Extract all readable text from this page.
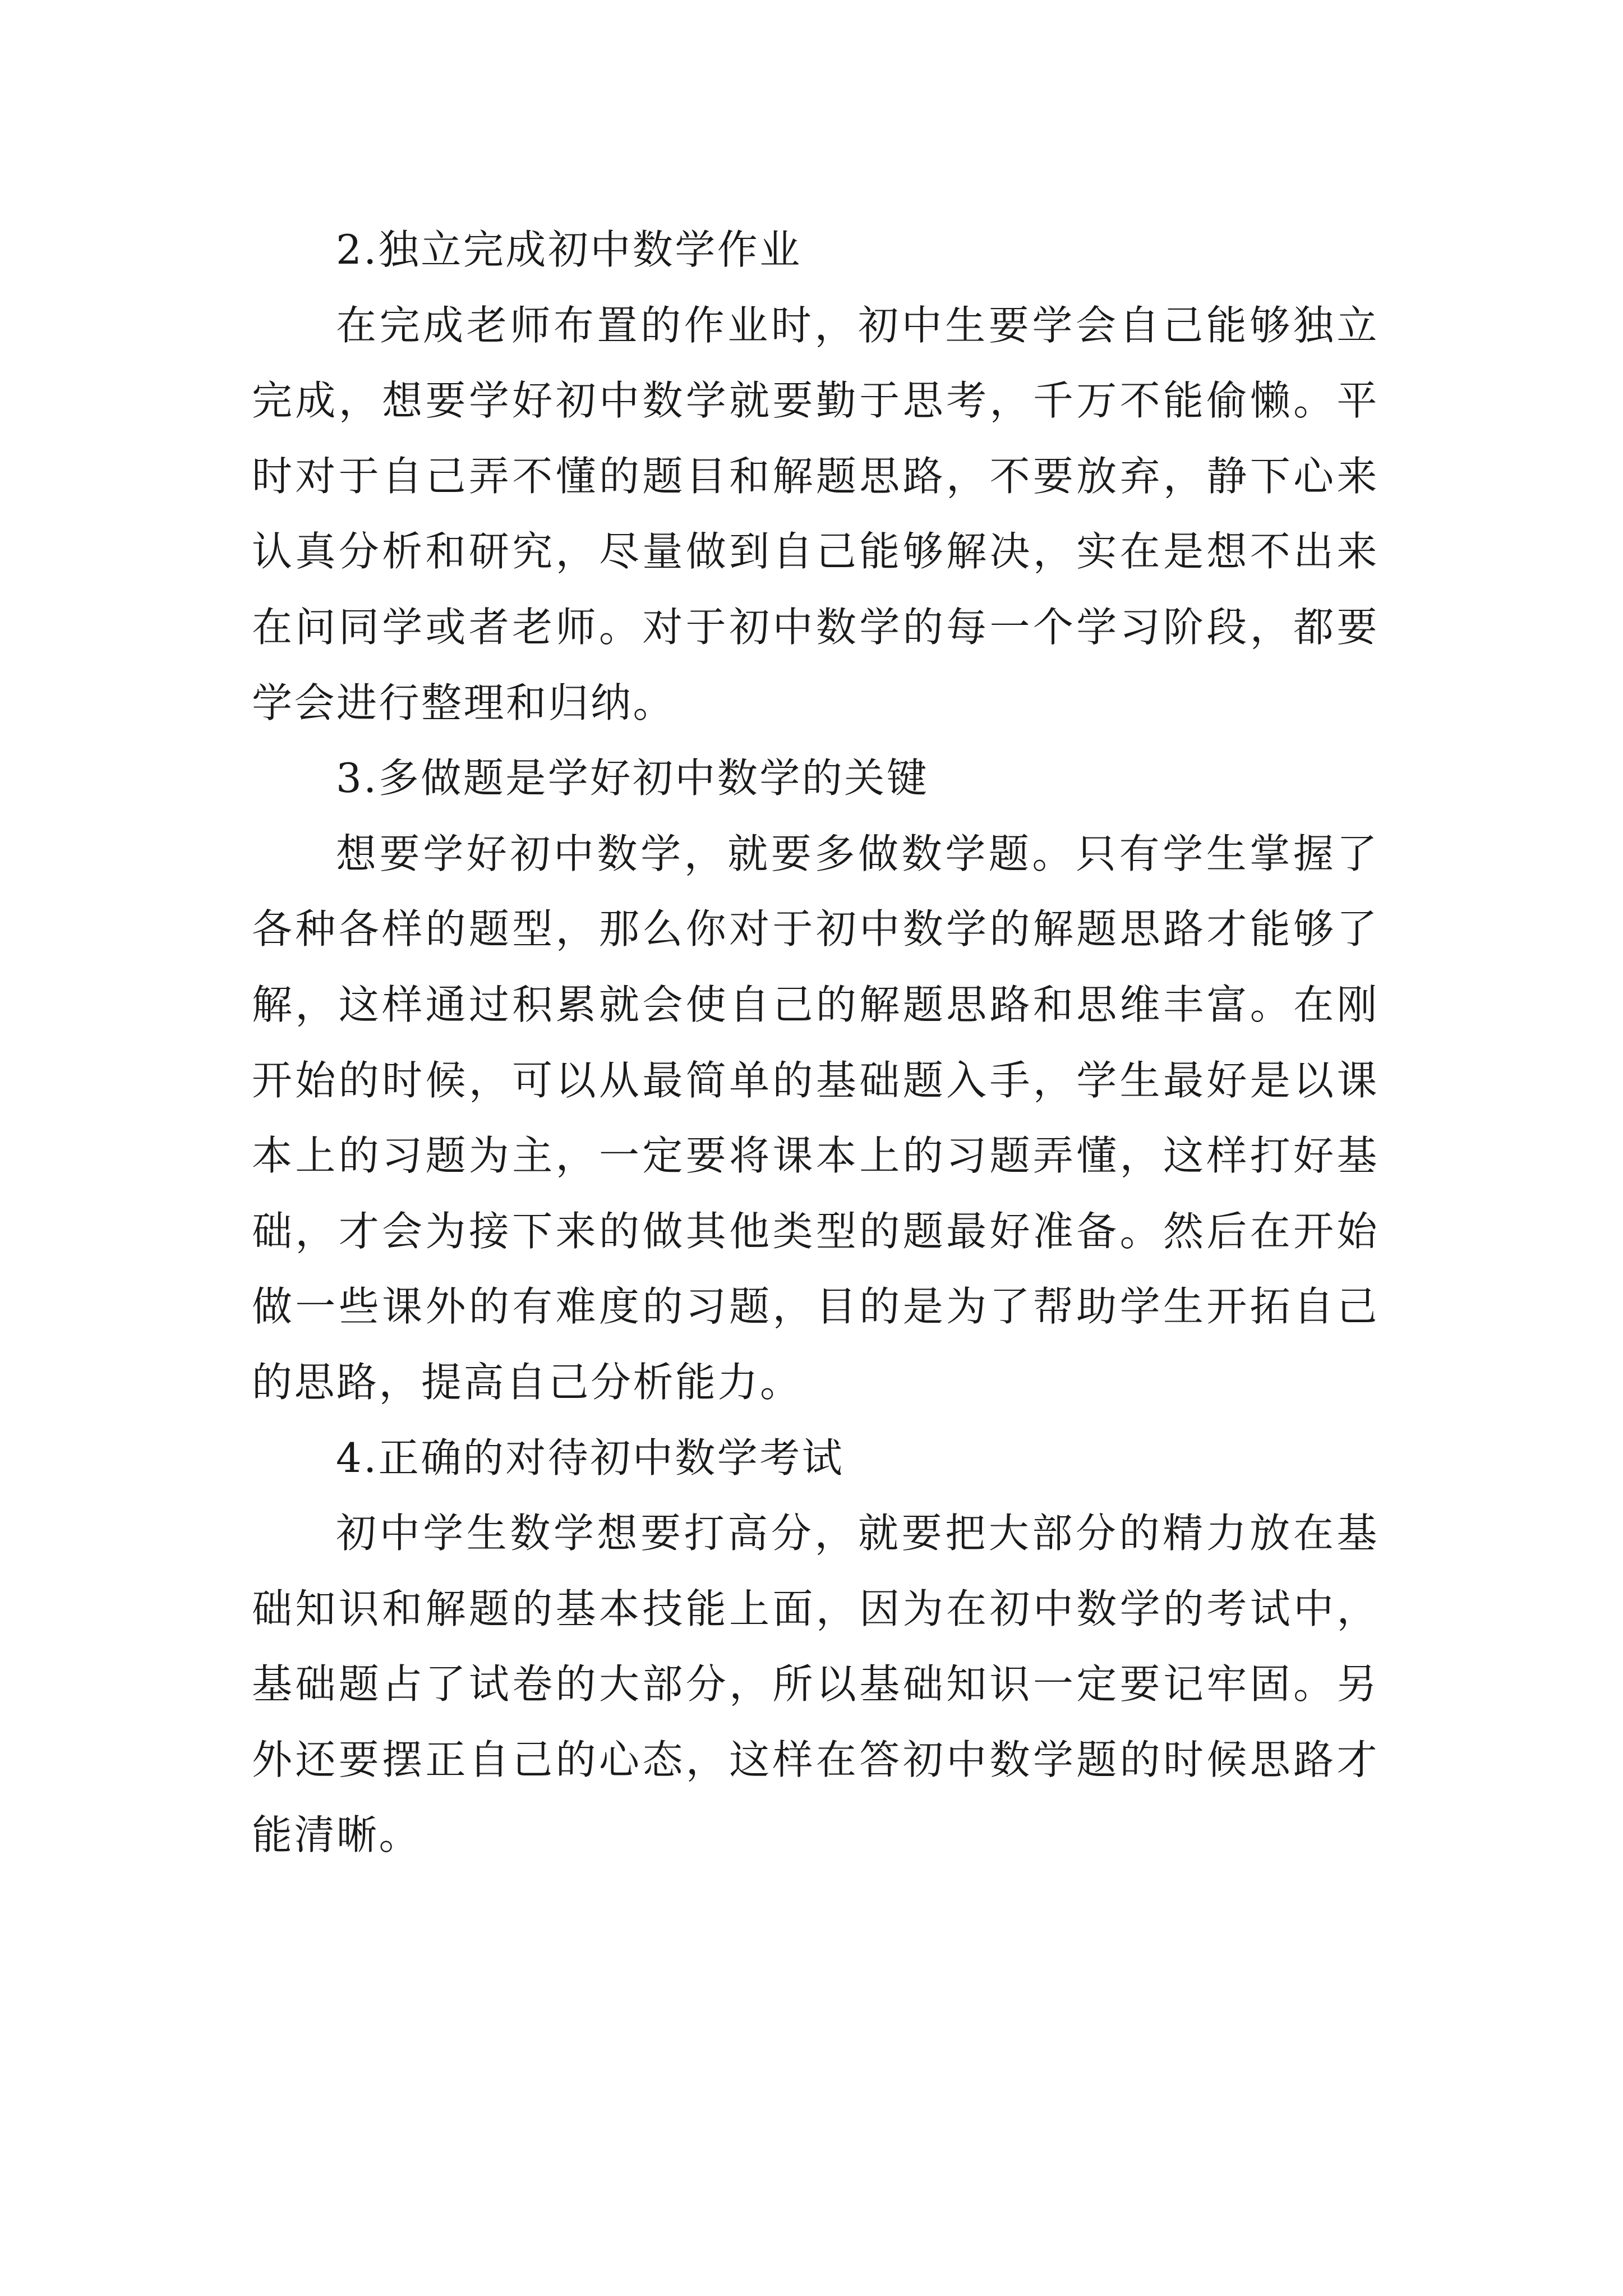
2.独立完成初中数学作业

在完成老师布置的作业时，初中生要学会自己能够独立完成，想要学好初中数学就要勤于思考，千万不能偷懒。平时对于自己弄不懂的题目和解题思路，不要放弃，静下心来认真分析和研究，尽量做到自己能够解决，实在是想不出来在问同学或者老师。对于初中数学的每一个学习阶段，都要学会进行整理和归纳。

3.多做题是学好初中数学的关键

想要学好初中数学，就要多做数学题。只有学生掌握了各种各样的题型，那么你对于初中数学的解题思路才能够了解，这样通过积累就会使自己的解题思路和思维丰富。在刚开始的时候，可以从最简单的基础题入手，学生最好是以课本上的习题为主，一定要将课本上的习题弄懂，这样打好基础，才会为接下来的做其他类型的题最好准备。然后在开始做一些课外的有难度的习题，目的是为了帮助学生开拓自己的思路，提高自己分析能力。

4.正确的对待初中数学考试

初中学生数学想要打高分，就要把大部分的精力放在基础知识和解题的基本技能上面，因为在初中数学的考试中，基础题占了试卷的大部分，所以基础知识一定要记牢固。另外还要摆正自己的心态，这样在答初中数学题的时候思路才能清晰。
